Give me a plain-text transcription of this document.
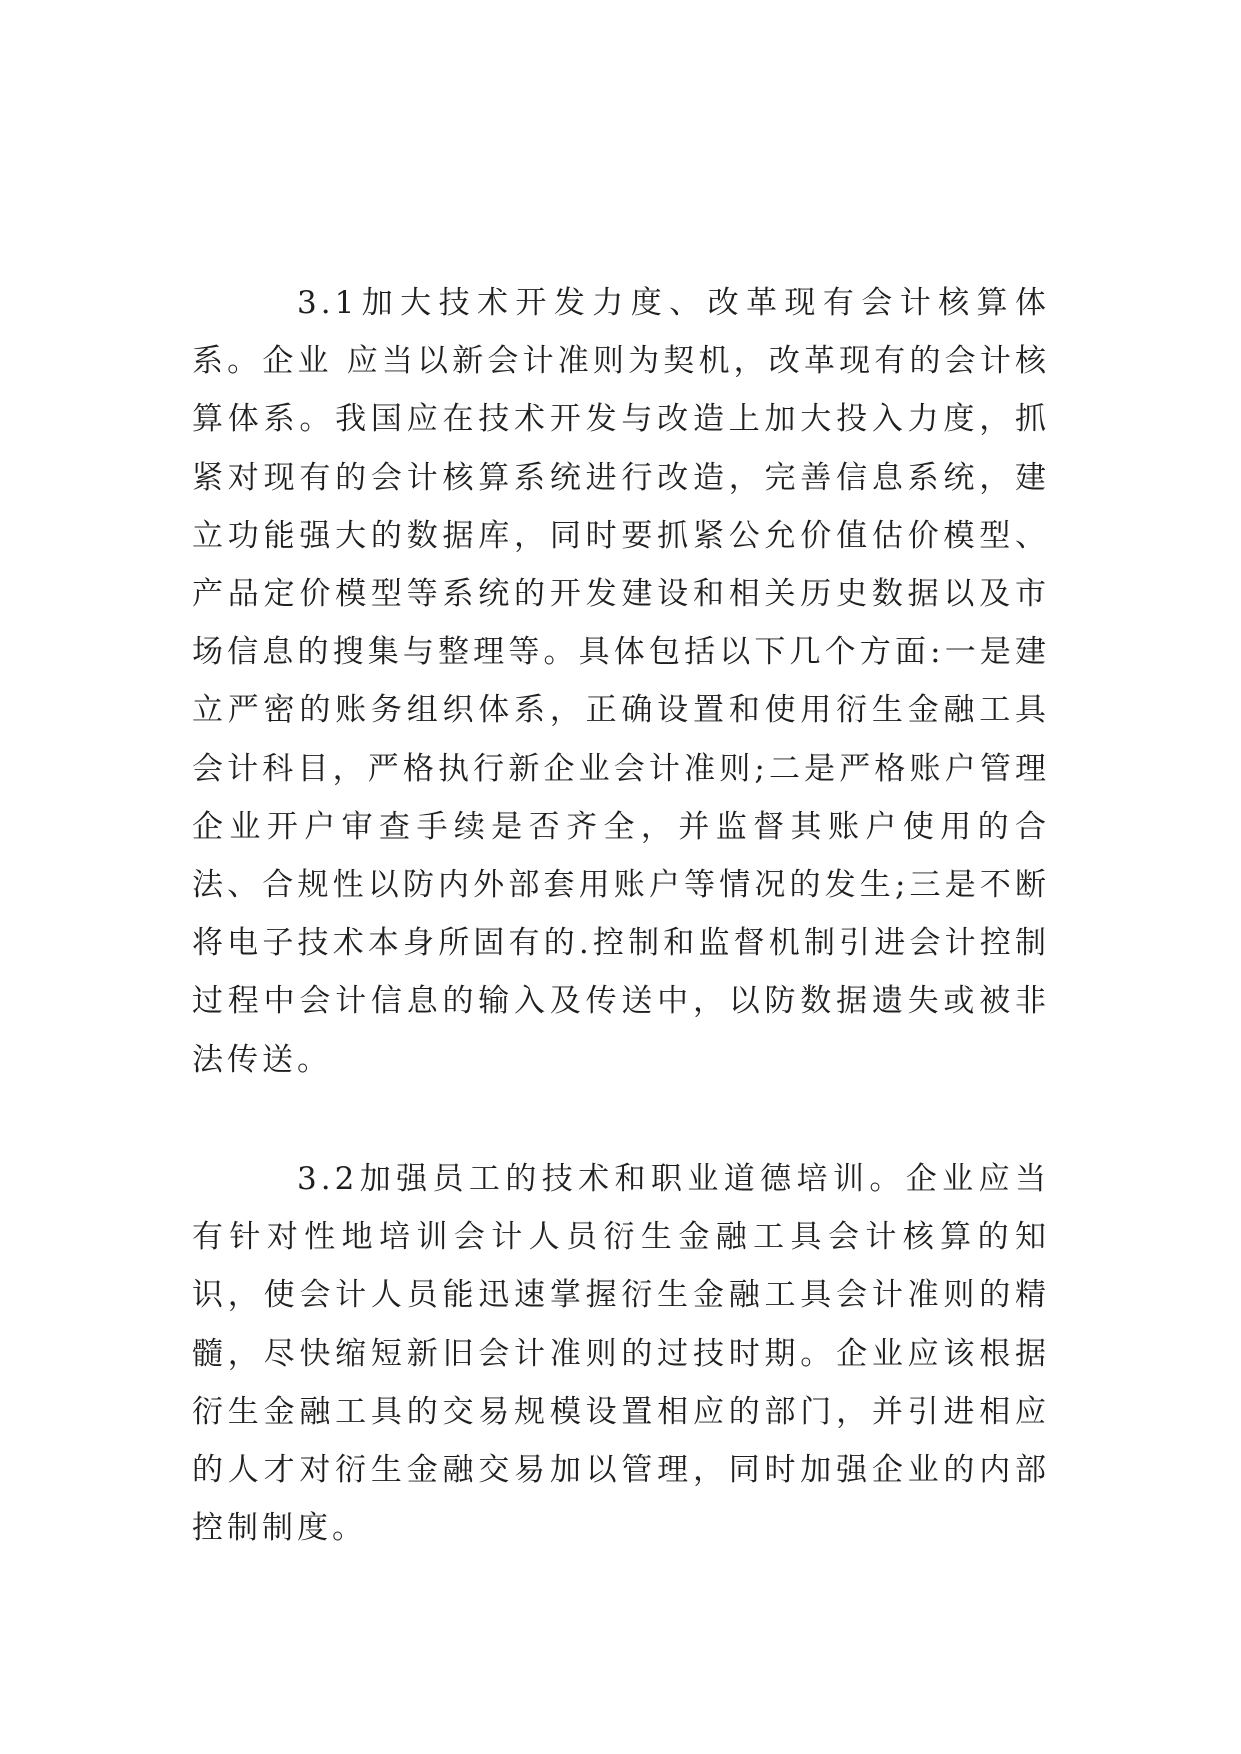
3.1加大技术开发力度、改革现有会计核算体系。企业 应当以新会计准则为契机，改革现有的会计核算体系。我国应在技术开发与改造上加大投入力度，抓紧对现有的会计核算系统进行改造，完善信息系统，建立功能强大的数据库，同时要抓紧公允价值估价模型、产品定价模型等系统的开发建设和相关历史数据以及市场信息的搜集与整理等。具体包括以下几个方面:一是建立严密的账务组织体系，正确设置和使用衍生金融工具会计科目，严格执行新企业会计准则;二是严格账户管理企业开户审查手续是否齐全，并监督其账户使用的合法、合规性以防内外部套用账户等情况的发生;三是不断将电子技术本身所固有的.控制和监督机制引进会计控制过程中会计信息的输入及传送中，以防数据遗失或被非法传送。

3.2加强员工的技术和职业道德培训。企业应当有针对性地培训会计人员衍生金融工具会计核算的知识，使会计人员能迅速掌握衍生金融工具会计准则的精髓，尽快缩短新旧会计准则的过技时期。企业应该根据衍生金融工具的交易规模设置相应的部门，并引进相应的人才对衍生金融交易加以管理，同时加强企业的内部控制制度。
